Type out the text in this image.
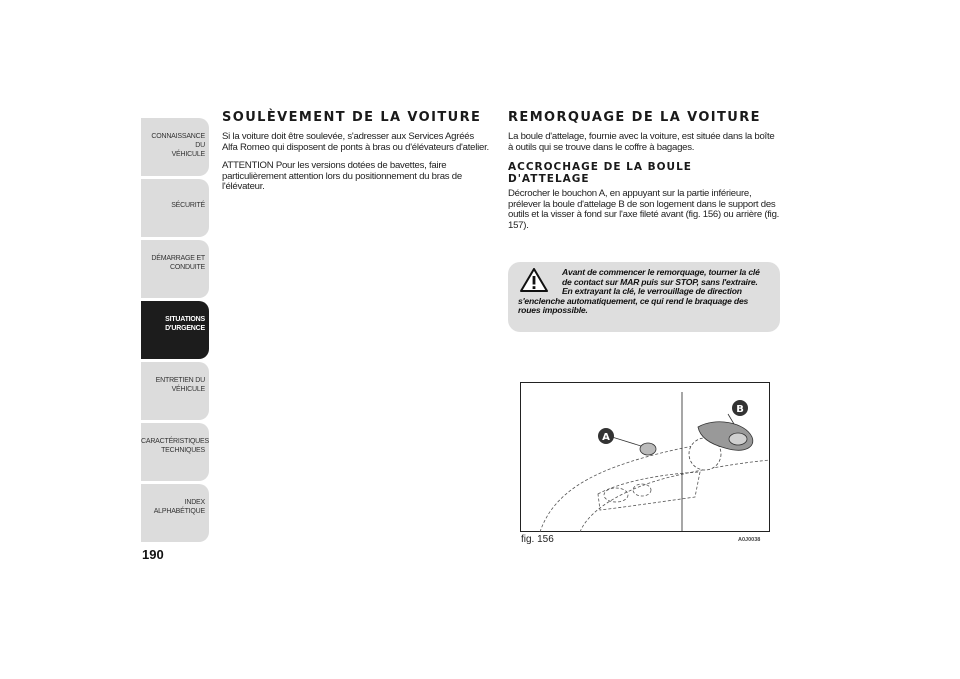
CONNAISSANCE DU
VÉHICULE
SÉCURITÉ
DÉMARRAGE ET
CONDUITE
SITUATIONS
D'URGENCE
ENTRETIEN DU
VÉHICULE
CARACTÉRISTIQUES
TECHNIQUES
INDEX
ALPHABÉTIQUE
190
SOULÈVEMENT DE LA VOITURE

Si la voiture doit être soulevée, s'adresser aux Services Agréés Alfa Romeo qui disposent de ponts à bras ou d'élévateurs d'atelier.

ATTENTION Pour les versions dotées de bavettes, faire particulièrement attention lors du positionnement du bras de l'élévateur.

REMORQUAGE DE LA VOITURE

La boule d'attelage, fournie avec la voiture, est située dans la boîte à outils qui se trouve dans le coffre à bagages.

ACCROCHAGE DE LA BOULE D'ATTELAGE

Décrocher le bouchon A, en appuyant sur la partie inférieure, prélever la boule d'attelage B de son logement dans le support des outils et la visser à fond sur l'axe fileté avant (fig. 156) ou arrière (fig. 157).

Avant de commencer le remorquage, tourner la clé de contact sur MAR puis sur STOP, sans l'extraire. En extrayant la clé, le verrouillage de direction
s'enclenche automatiquement, ce qui rend le braquage des roues impossible.
A
B
fig. 156	A0J0038
